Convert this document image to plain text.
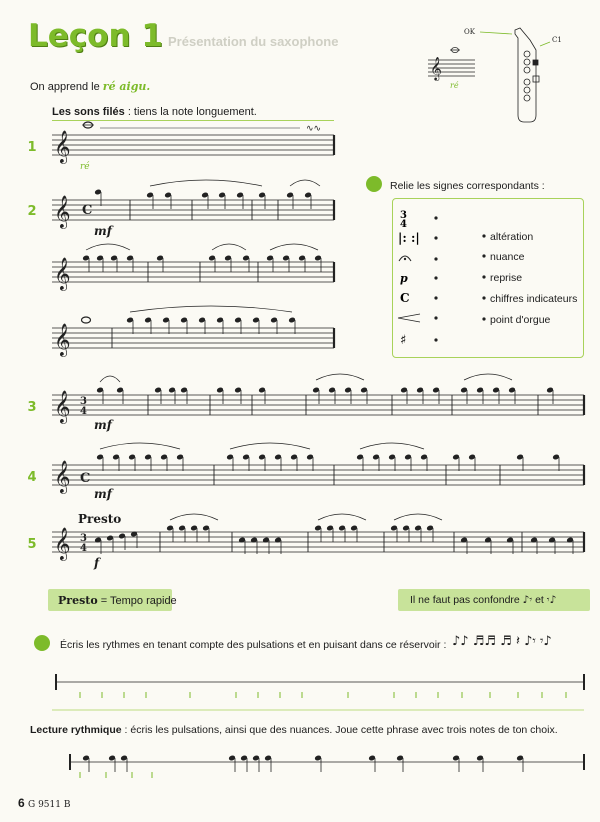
Leçon 1 Présentation du saxophone
On apprend le ré aigu.
𝄞
OK
C1
ré
Les sons filés : tiens la note longuement.
1
2
3
4
5
𝄞
∿∿
𝄞 C
𝄞
𝄞
𝄞 3
4
𝄞 C
𝄞 3
4
ré
mf
mf
mf
f
Presto
Relie les signes correspondants :
3
4
|: :|
p
C
♯
altération
nuance
reprise
chiffres indicateurs
point d'orgue
Presto = Tempo rapide	Il ne faut pas confondre ♪𝄾 et 𝄾♪
Écris les rythmes en tenant compte des pulsations et en puisant dans ce réservoir : ♪♪ ♬♬ ♬ 𝄽 ♪𝄾 𝄾♪
Lecture rythmique : écris les pulsations, ainsi que des nuances. Joue cette phrase avec trois notes de ton choix.
6 G 9511 B
